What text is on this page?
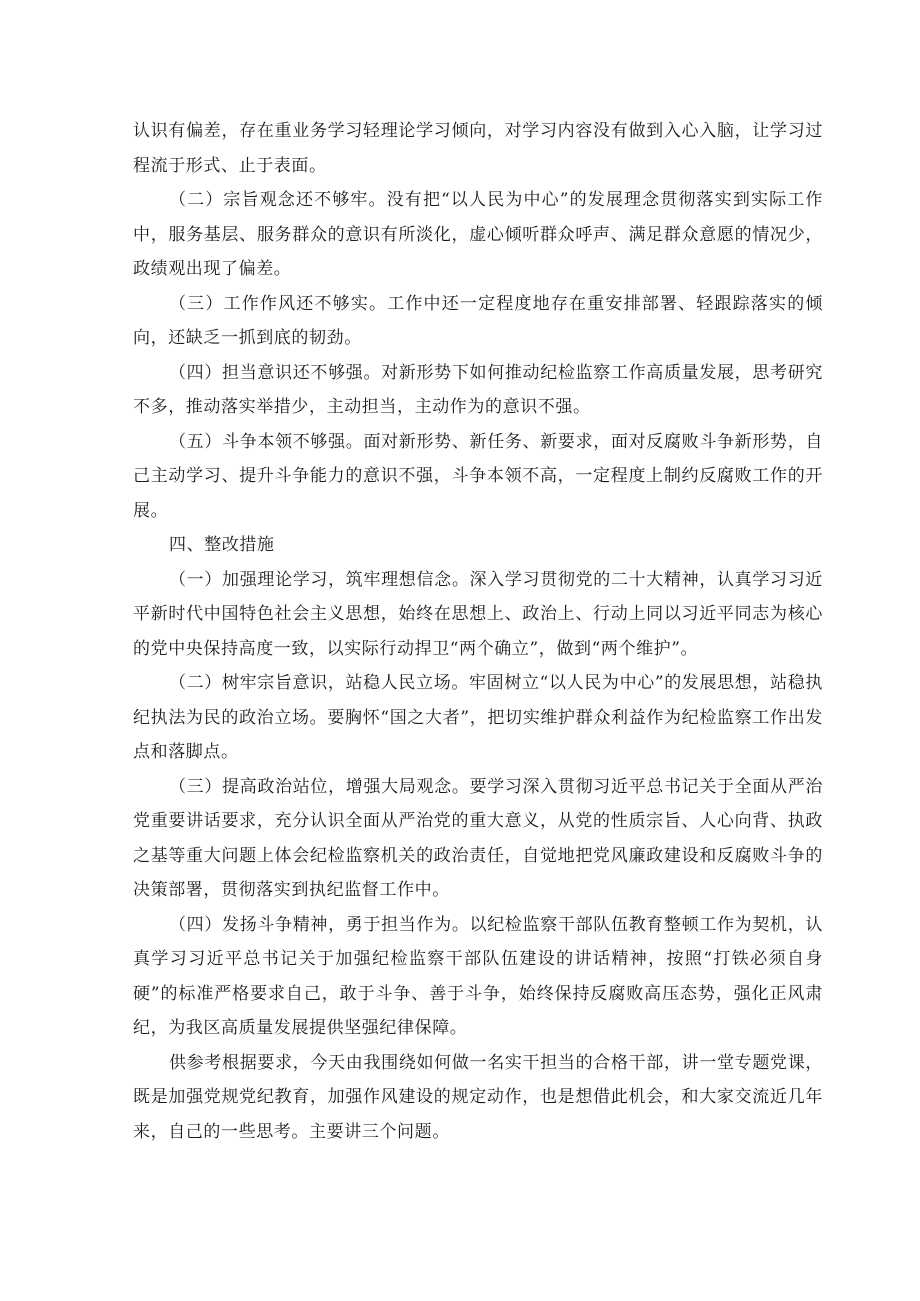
认识有偏差，存在重业务学习轻理论学习倾向，对学习内容没有做到入心入脑，让学习过程流于形式、止于表面。

（二）宗旨观念还不够牢。没有把“以人民为中心”的发展理念贯彻落实到实际工作中，服务基层、服务群众的意识有所淡化，虚心倾听群众呼声、满足群众意愿的情况少，政绩观出现了偏差。

（三）工作作风还不够实。工作中还一定程度地存在重安排部署、轻跟踪落实的倾向，还缺乏一抓到底的韧劲。

（四）担当意识还不够强。对新形势下如何推动纪检监察工作高质量发展，思考研究不多，推动落实举措少，主动担当，主动作为的意识不强。

（五）斗争本领不够强。面对新形势、新任务、新要求，面对反腐败斗争新形势，自己主动学习、提升斗争能力的意识不强，斗争本领不高，一定程度上制约反腐败工作的开展。

四、整改措施

（一）加强理论学习，筑牢理想信念。深入学习贯彻党的二十大精神，认真学习习近平新时代中国特色社会主义思想，始终在思想上、政治上、行动上同以习近平同志为核心的党中央保持高度一致，以实际行动捍卫“两个确立”，做到“两个维护”。

（二）树牢宗旨意识，站稳人民立场。牢固树立“以人民为中心”的发展思想，站稳执纪执法为民的政治立场。要胸怀“国之大者”，把切实维护群众利益作为纪检监察工作出发点和落脚点。

（三）提高政治站位，增强大局观念。要学习深入贯彻习近平总书记关于全面从严治党重要讲话要求，充分认识全面从严治党的重大意义，从党的性质宗旨、人心向背、执政之基等重大问题上体会纪检监察机关的政治责任，自觉地把党风廉政建设和反腐败斗争的决策部署，贯彻落实到执纪监督工作中。

（四）发扬斗争精神，勇于担当作为。以纪检监察干部队伍教育整顿工作为契机，认真学习习近平总书记关于加强纪检监察干部队伍建设的讲话精神，按照“打铁必须自身硬”的标准严格要求自己，敢于斗争、善于斗争，始终保持反腐败高压态势，强化正风肃纪，为我区高质量发展提供坚强纪律保障。

供参考根据要求，今天由我围绕如何做一名实干担当的合格干部，讲一堂专题党课，既是加强党规党纪教育，加强作风建设的规定动作，也是想借此机会，和大家交流近几年来，自己的一些思考。主要讲三个问题。
